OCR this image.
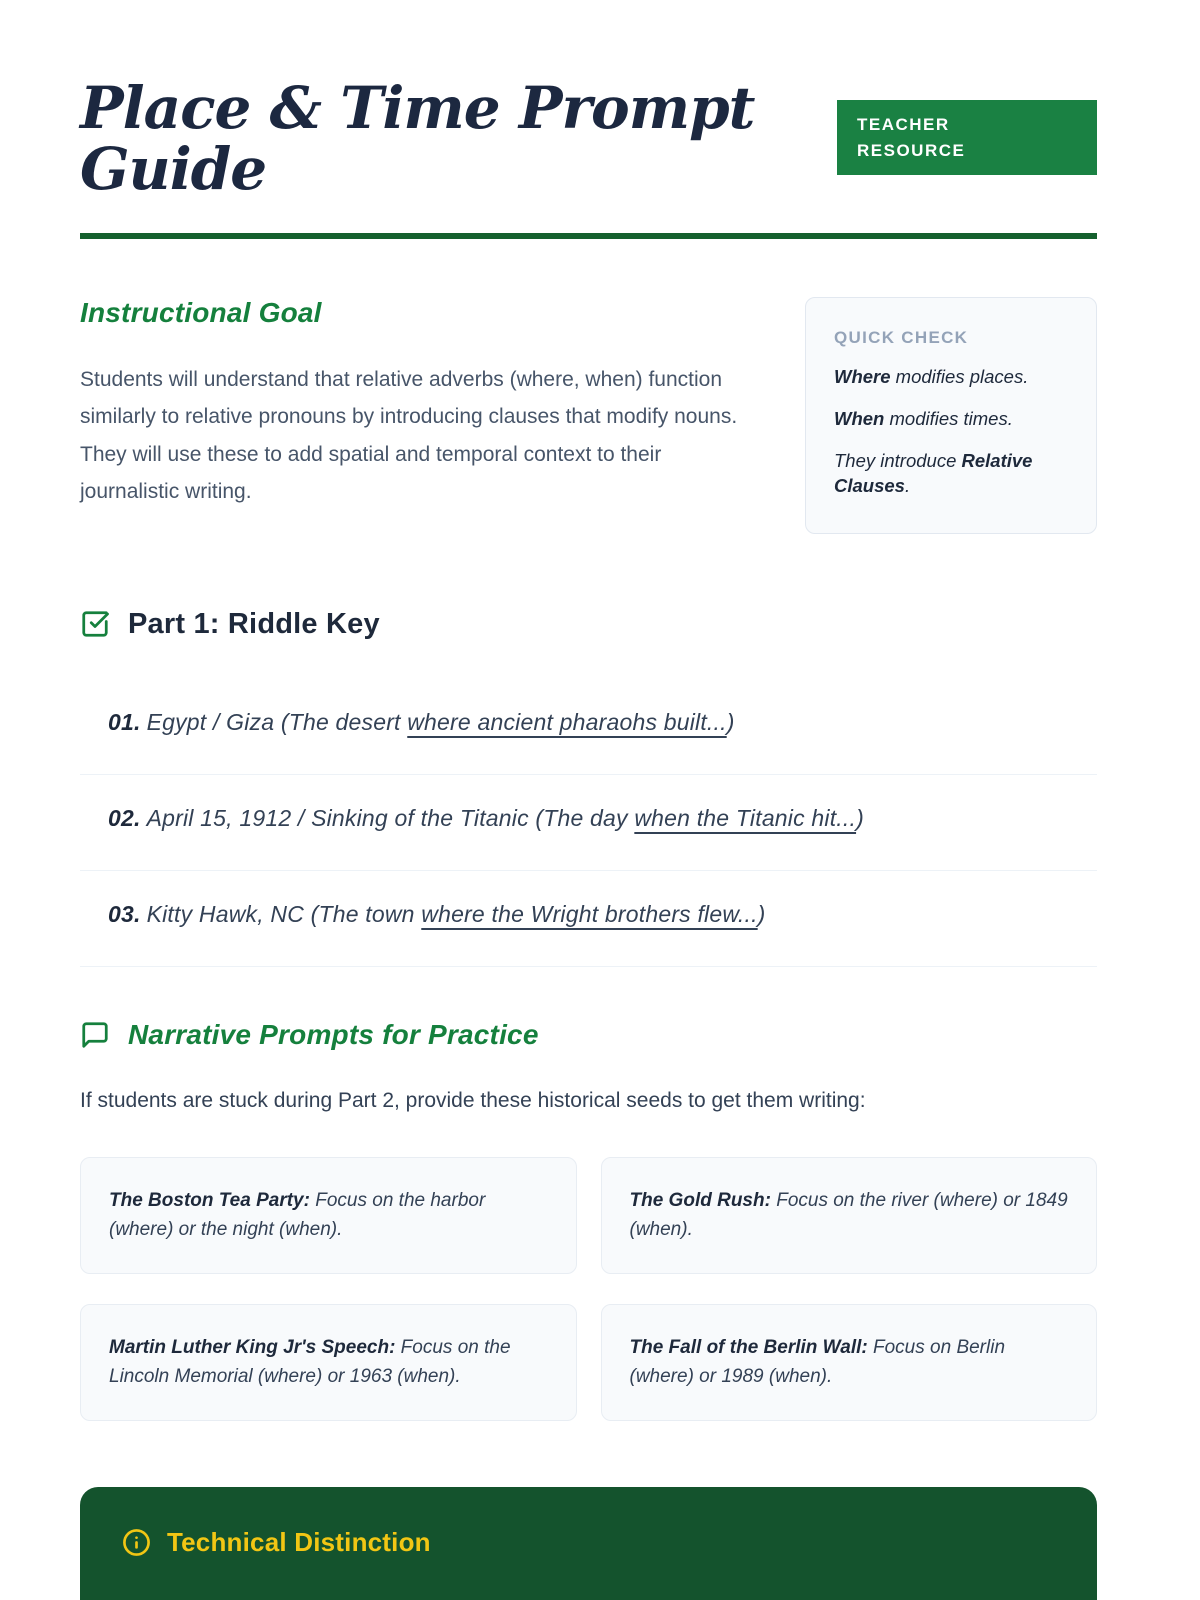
Place & Time Prompt Guide
TEACHER RESOURCE
Instructional Goal

Students will understand that relative adverbs (where, when) function similarly to relative pronouns by introducing clauses that modify nouns. They will use these to add spatial and temporal context to their journalistic writing.

QUICK CHECK

Where modifies places.

When modifies times.

They introduce Relative Clauses.

Part 1: Riddle Key
01. Egypt / Giza (The desert where ancient pharaohs built...)
02. April 15, 1912 / Sinking of the Titanic (The day when the Titanic hit...)
03. Kitty Hawk, NC (The town where the Wright brothers flew...)
Narrative Prompts for Practice

If students are stuck during Part 2, provide these historical seeds to get them writing:

The Boston Tea Party: Focus on the harbor (where) or the night (when).
The Gold Rush: Focus on the river (where) or 1849 (when).
Martin Luther King Jr's Speech: Focus on the Lincoln Memorial (where) or 1963 (when).
The Fall of the Berlin Wall: Focus on Berlin (where) or 1989 (when).
Technical Distinction
